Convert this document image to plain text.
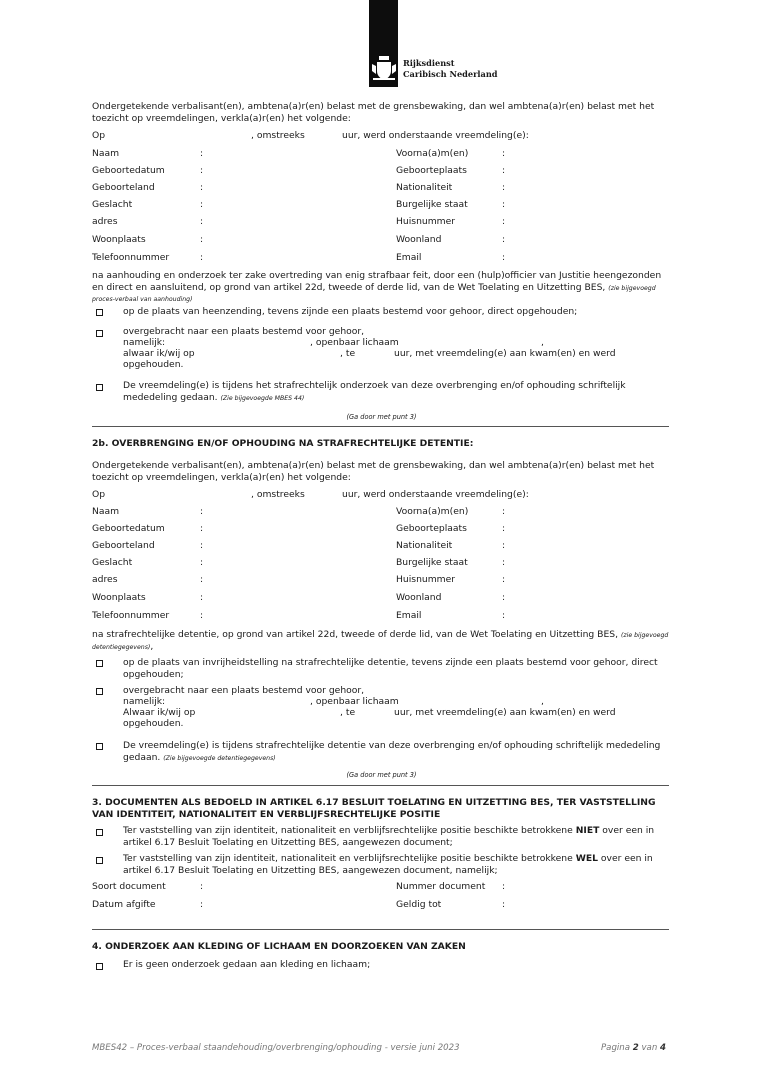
Rijksdienst
Caribisch Nederland
Ondergetekende verbalisant(en), ambtena(a)r(en) belast met de grensbewaking, dan wel ambtena(a)r(en) belast met het toezicht op vreemdelingen, verkla(a)r(en) het volgende:
Op	, omstreeks	uur, werd onderstaande vreemdeling(e):
Naam	:	Voorna(a)m(en)	:
Geboortedatum	:	Geboorteplaats	:
Geboorteland	:	Nationaliteit	:
Geslacht	:	Burgelijke staat	:
adres	:	Huisnummer	:
Woonplaats	:	Woonland	:
Telefoonnummer	:	Email	:
na aanhouding en onderzoek ter zake overtreding van enig strafbaar feit, door een (hulp)officier van Justitie heengezonden en direct en aansluitend, op grond van artikel 22d, tweede of derde lid, van de Wet Toelating en Uitzetting BES, (zie bijgevoegd proces-verbaal van aanhouding)
op de plaats van heenzending, tevens zijnde een plaats bestemd voor gehoor, direct opgehouden;
overgebracht naar een plaats bestemd voor gehoor,
namelijk:	, openbaar lichaam	,
alwaar ik/wij op	, te	uur, met vreemdeling(e) aan kwam(en) en werd
opgehouden.
De vreemdeling(e) is tijdens het strafrechtelijk onderzoek van deze overbrenging en/of ophouding schriftelijk mededeling gedaan. (Zie bijgevoegde MBES 44)
(Ga door met punt 3)
2b. OVERBRENGING EN/OF OPHOUDING NA STRAFRECHTELIJKE DETENTIE:
Ondergetekende verbalisant(en), ambtena(a)r(en) belast met de grensbewaking, dan wel ambtena(a)r(en) belast met het toezicht op vreemdelingen, verkla(a)r(en) het volgende:
Op	, omstreeks	uur, werd onderstaande vreemdeling(e):
Naam	:	Voorna(a)m(en)	:
Geboortedatum	:	Geboorteplaats	:
Geboorteland	:	Nationaliteit	:
Geslacht	:	Burgelijke staat	:
adres	:	Huisnummer	:
Woonplaats	:	Woonland	:
Telefoonnummer	:	Email	:
na strafrechtelijke detentie, op grond van artikel 22d, tweede of derde lid, van de Wet Toelating en Uitzetting BES, (zie bijgevoegd detentiegegevens),
op de plaats van invrijheidstelling na strafrechtelijke detentie, tevens zijnde een plaats bestemd voor gehoor, direct opgehouden;
overgebracht naar een plaats bestemd voor gehoor,
namelijk:	, openbaar lichaam	,
Alwaar ik/wij op	, te	uur, met vreemdeling(e) aan kwam(en) en werd
opgehouden.
De vreemdeling(e) is tijdens strafrechtelijke detentie van deze overbrenging en/of ophouding schriftelijk mededeling gedaan. (Zie bijgevoegde detentiegegevens)
(Ga door met punt 3)
3. DOCUMENTEN ALS BEDOELD IN ARTIKEL 6.17 BESLUIT TOELATING EN UITZETTING BES, TER VASTSTELLING VAN IDENTITEIT, NATIONALITEIT EN VERBLIJFSRECHTELIJKE POSITIE
Ter vaststelling van zijn identiteit, nationaliteit en verblijfsrechtelijke positie beschikte betrokkene NIET over een in artikel 6.17 Besluit Toelating en Uitzetting BES, aangewezen document;
Ter vaststelling van zijn identiteit, nationaliteit en verblijfsrechtelijke positie beschikte betrokkene WEL over een in artikel 6.17 Besluit Toelating en Uitzetting BES, aangewezen document, namelijk;
Soort document	:	Nummer document :
Datum afgifte	:	Geldig tot	:
4. ONDERZOEK AAN KLEDING OF LICHAAM EN DOORZOEKEN VAN ZAKEN
Er is geen onderzoek gedaan aan kleding en lichaam;
MBES42 – Proces-verbaal staandehouding/overbrenging/ophouding - versie juni 2023	Pagina 2 van 4
